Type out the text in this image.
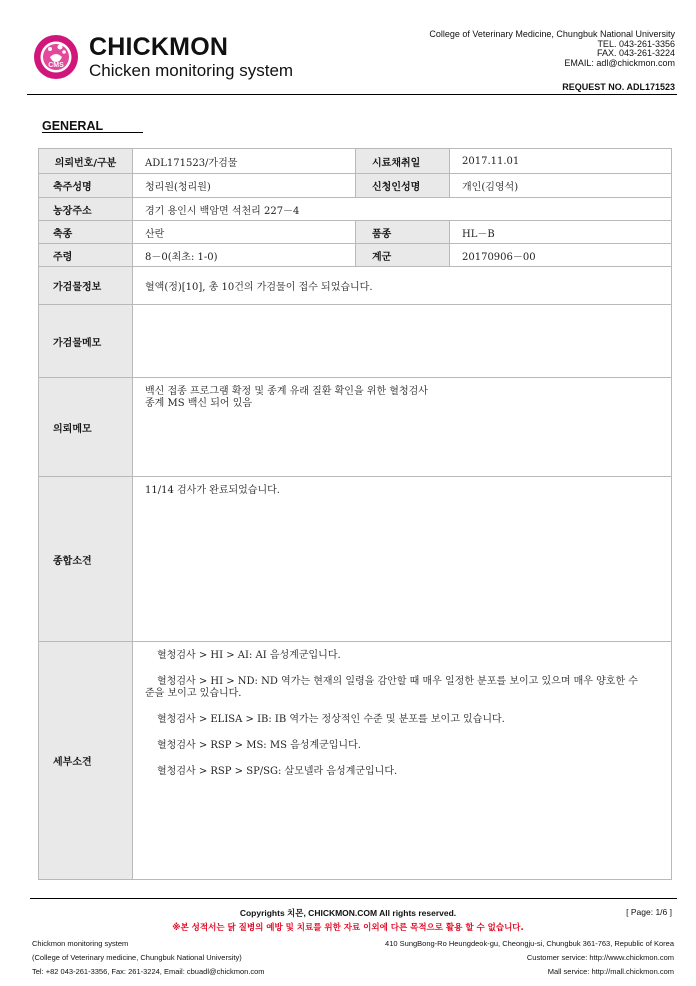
CMS
CHICKMON
Chicken monitoring system
College of Veterinary Medicine, Chungbuk National University
TEL. 043-261-3356
FAX. 043-261-3224
EMAIL: adl@chickmon.com
REQUEST NO. ADL171523
GENERAL
의뢰번호/구분	ADL171523/가검물	시료채취일	2017.11.01
축주성명	청리원(청리원)	신청인성명	개인(김영석)
농장주소	경기 용인시 백암면 석천리 227－4		
축종	산란	품종	HL－B
주령	8－0(최초: 1-0)	계군	20170906－00
가검물정보	혈액(정)[10], 총 10건의 가검물이 접수 되었습니다.		
가검물메모			
의뢰메모	백신 접종 프로그램 확정 및 종계 유래 질환 확인을 위한 혈청검사
종계 MS 백신 되어 있음		

종합소견	11/14 검사가 완료되었습니다.		
세부소견	혈청검사 > HI > AI: AI 음성계군입니다.

혈청검사 > HI > ND: ND 역가는 현재의 일령을 감안할 때 매우 일정한 분포를 보이고 있으며 매우 양호한 수준을 보이고 있습니다.

혈청검사 > ELISA > IB: IB 역가는 정상적인 수준 및 분포를 보이고 있습니다.

혈청검사 > RSP > MS: MS 음성계군입니다.

혈청검사 > RSP > SP/SG: 살모넬라 음성계군입니다.		

Copyrights 치몬, CHICKMON.COM All rights reserved.	[ Page: 1/6 ]
※본 성적서는 닭 질병의 예방 및 치료를 위한 자료 이외에 다른 목적으로 활용 할 수 없습니다.
Chickmon monitoring system
(College of Veterinary medicine, Chungbuk National University)
Tel: +82 043-261-3356, Fax: 261-3224, Email: cbuadl@chickmon.com
410 SungBong-Ro Heungdeok-gu, Cheongju-si, Chungbuk 361-763, Republic of Korea
Customer service: http://www.chickmon.com
Mall service: http://mall.chickmon.com
